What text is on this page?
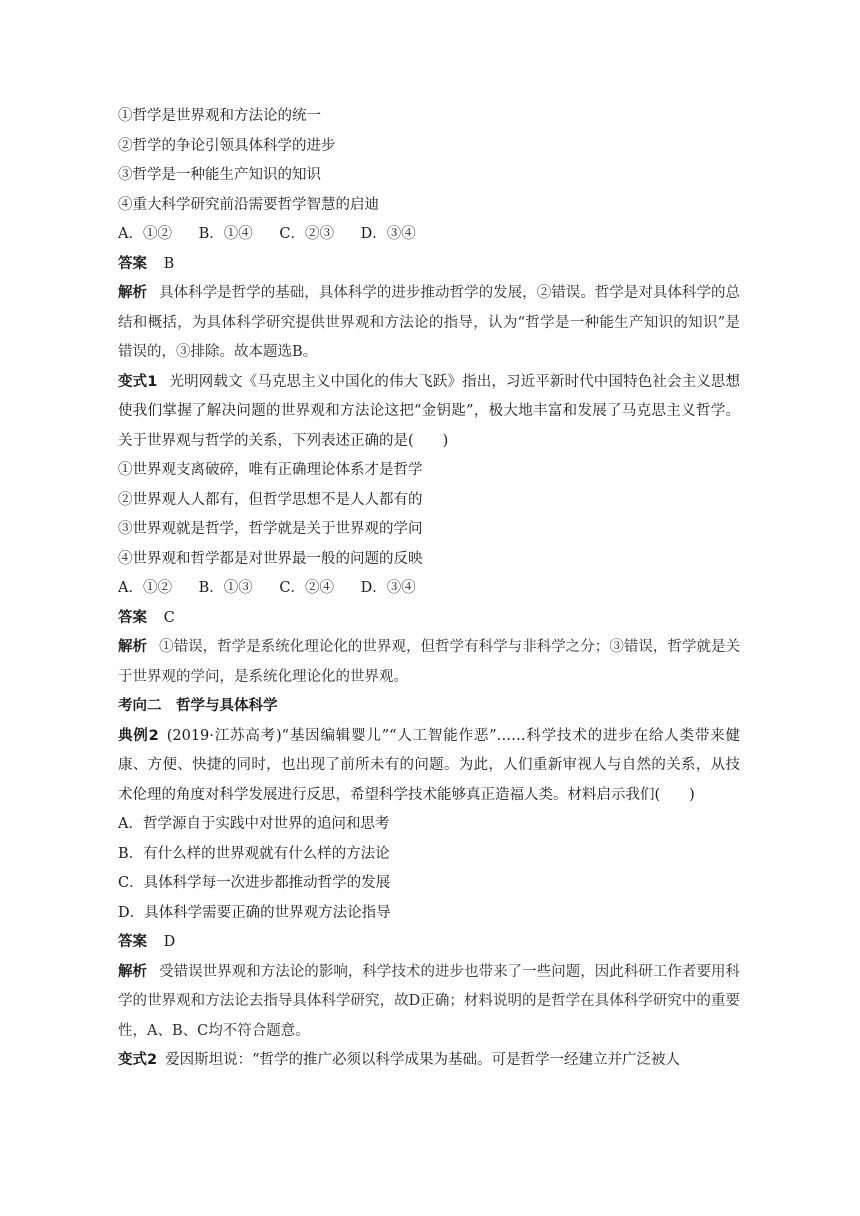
①哲学是世界观和方法论的统一
②哲学的争论引领具体科学的进步
③哲学是一种能生产知识的知识
④重大科学研究前沿需要哲学智慧的启迪
A．①② B．①④ C．②③ D．③④
答案 B
解析 具体科学是哲学的基础，具体科学的进步推动哲学的发展，②错误。哲学是对具体科学的总结和概括，为具体科学研究提供世界观和方法论的指导，认为“哲学是一种能生产知识的知识”是错误的，③排除。故本题选B。
变式1 光明网载文《马克思主义中国化的伟大飞跃》指出，习近平新时代中国特色社会主义思想使我们掌握了解决问题的世界观和方法论这把“金钥匙”，极大地丰富和发展了马克思主义哲学。关于世界观与哲学的关系，下列表述正确的是(　　)
①世界观支离破碎，唯有正确理论体系才是哲学
②世界观人人都有，但哲学思想不是人人都有的
③世界观就是哲学，哲学就是关于世界观的学问
④世界观和哲学都是对世界最一般的问题的反映
A．①② B．①③ C．②④ D．③④
答案 C
解析 ①错误，哲学是系统化理论化的世界观，但哲学有科学与非科学之分；③错误，哲学就是关于世界观的学问，是系统化理论化的世界观。
考向二　哲学与具体科学
典例2 (2019·江苏高考)“基因编辑婴儿”“人工智能作恶”……科学技术的进步在给人类带来健康、方便、快捷的同时，也出现了前所未有的问题。为此，人们重新审视人与自然的关系，从技术伦理的角度对科学发展进行反思，希望科学技术能够真正造福人类。材料启示我们(　　)
A．哲学源自于实践中对世界的追问和思考
B．有什么样的世界观就有什么样的方法论
C．具体科学每一次进步都推动哲学的发展
D．具体科学需要正确的世界观方法论指导
答案 D
解析 受错误世界观和方法论的影响，科学技术的进步也带来了一些问题，因此科研工作者要用科学的世界观和方法论去指导具体科学研究，故D正确；材料说明的是哲学在具体科学研究中的重要性，A、B、C均不符合题意。
变式2 爱因斯坦说：“哲学的推广必须以科学成果为基础。可是哲学一经建立并广泛被人
